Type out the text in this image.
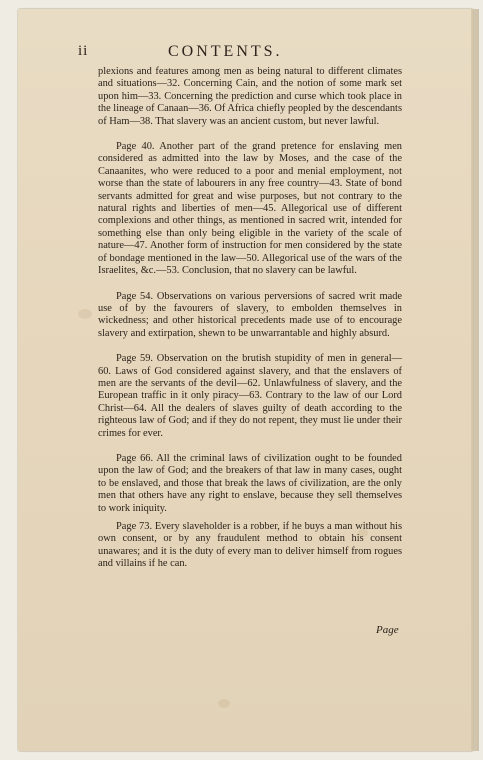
ii	CONTENTS.

plexions and features among men as being natural to different climates and situations—32. Concerning Cain, and the notion of some mark set upon him—33. Concerning the prediction and curse which took place in the lineage of Canaan—36. Of Africa chiefly peopled by the descendants of Ham—38. That slavery was an ancient custom, but never lawful.

Page 40. Another part of the grand pretence for enslaving men considered as admitted into the law by Moses, and the case of the Canaanites, who were reduced to a poor and menial employment, not worse than the state of labourers in any free country—43. State of bond servants admitted for great and wise purposes, but not contrary to the natural rights and liberties of men—45. Allegorical use of different complexions and other things, as mentioned in sacred writ, intended for something else than only being eligible in the variety of the scale of nature—47. Another form of instruction for men considered by the state of bondage mentioned in the law—50. Allegorical use of the wars of the Israelites, &c.—53. Conclusion, that no slavery can be lawful.

Page 54. Observations on various perversions of sacred writ made use of by the favourers of slavery, to embolden themselves in wickedness; and other historical precedents made use of to encourage slavery and extirpation, shewn to be unwarrantable and highly absurd.

Page 59. Observation on the brutish stupidity of men in general—60. Laws of God considered against slavery, and that the enslavers of men are the servants of the devil—62. Unlawfulness of slavery, and the European traffic in it only piracy—63. Contrary to the law of our Lord Christ—64. All the dealers of slaves guilty of death according to the righteous law of God; and if they do not repent, they must lie under their crimes for ever.

Page 66. All the criminal laws of civilization ought to be founded upon the law of God; and the breakers of that law in many cases, ought to be enslaved, and those that break the laws of civilization, are the only men that others have any right to enslave, because they sell themselves to work iniquity.

Page 73. Every slaveholder is a robber, if he buys a man without his own consent, or by any fraudulent method to obtain his consent unawares; and it is the duty of every man to deliver himself from rogues and villains if he can.

Page
